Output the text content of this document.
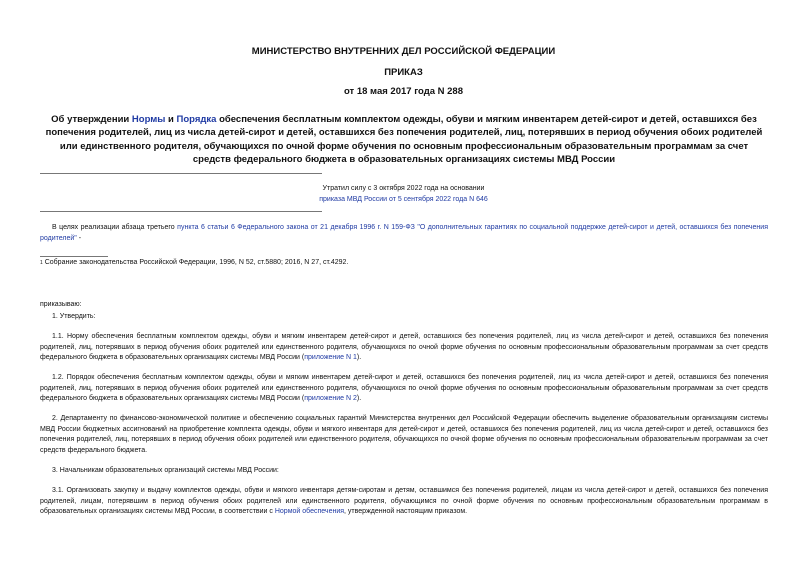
МИНИСТЕРСТВО ВНУТРЕННИХ ДЕЛ РОССИЙСКОЙ ФЕДЕРАЦИИ
ПРИКАЗ
от 18 мая 2017 года N 288
Об утверждении Нормы и Порядка обеспечения бесплатным комплектом одежды, обуви и мягким инвентарем детей-сирот и детей, оставшихся без попечения родителей, лиц из числа детей-сирот и детей, оставшихся без попечения родителей, лиц, потерявших в период обучения обоих родителей или единственного родителя, обучающихся по очной форме обучения по основным профессиональным образовательным программам за счет средств федерального бюджета в образовательных организациях системы МВД России
Утратил силу с 3 октября 2022 года на основании
приказа МВД России от 5 сентября 2022 года N 646
В целях реализации абзаца третьего пункта 6 статьи 6 Федерального закона от 21 декабря 1996 г. N 159-ФЗ "О дополнительных гарантиях по социальной поддержке детей-сирот и детей, оставшихся без попечения родителей" -
$^1$ Собрание законодательства Российской Федерации, 1996, N 52, ст.5880; 2016, N 27, ст.4292.
приказываю:
1. Утвердить:
1.1. Норму обеспечения бесплатным комплектом одежды, обуви и мягким инвентарем детей-сирот и детей, оставшихся без попечения родителей, лиц из числа детей-сирот и детей, оставшихся без попечения родителей, лиц, потерявших в период обучения обоих родителей или единственного родителя, обучающихся по очной форме обучения по основным профессиональным образовательным программам за счет средств федерального бюджета в образовательных организациях системы МВД России (приложение N 1).
1.2. Порядок обеспечения бесплатным комплектом одежды, обуви и мягким инвентарем детей-сирот и детей, оставшихся без попечения родителей, лиц из числа детей-сирот и детей, оставшихся без попечения родителей, лиц, потерявших в период обучения обоих родителей или единственного родителя, обучающихся по очной форме обучения по основным профессиональным образовательным программам за счет средств федерального бюджета в образовательных организациях системы МВД России (приложение N 2).
2. Департаменту по финансово-экономической политике и обеспечению социальных гарантий Министерства внутренних дел Российской Федерации обеспечить выделение образовательным организациям системы МВД России бюджетных ассигнований на приобретение комплекта одежды, обуви и мягкого инвентаря для детей-сирот и детей, оставшихся без попечения родителей, лиц из числа детей-сирот и детей, оставшихся без попечения родителей, лиц, потерявших в период обучения обоих родителей или единственного родителя, обучающихся по очной форме обучения по основным профессиональным образовательным программам за счет средств федерального бюджета.
3. Начальникам образовательных организаций системы МВД России:
3.1. Организовать закупку и выдачу комплектов одежды, обуви и мягкого инвентаря детям-сиротам и детям, оставшимся без попечения родителей, лицам из числа детей-сирот и детей, оставшихся без попечения родителей, лицам, потерявшим в период обучения обоих родителей или единственного родителя, обучающимся по очной форме обучения по основным профессиональным образовательным программам в образовательных организациях системы МВД России, в соответствии с Нормой обеспечения, утвержденной настоящим приказом.
